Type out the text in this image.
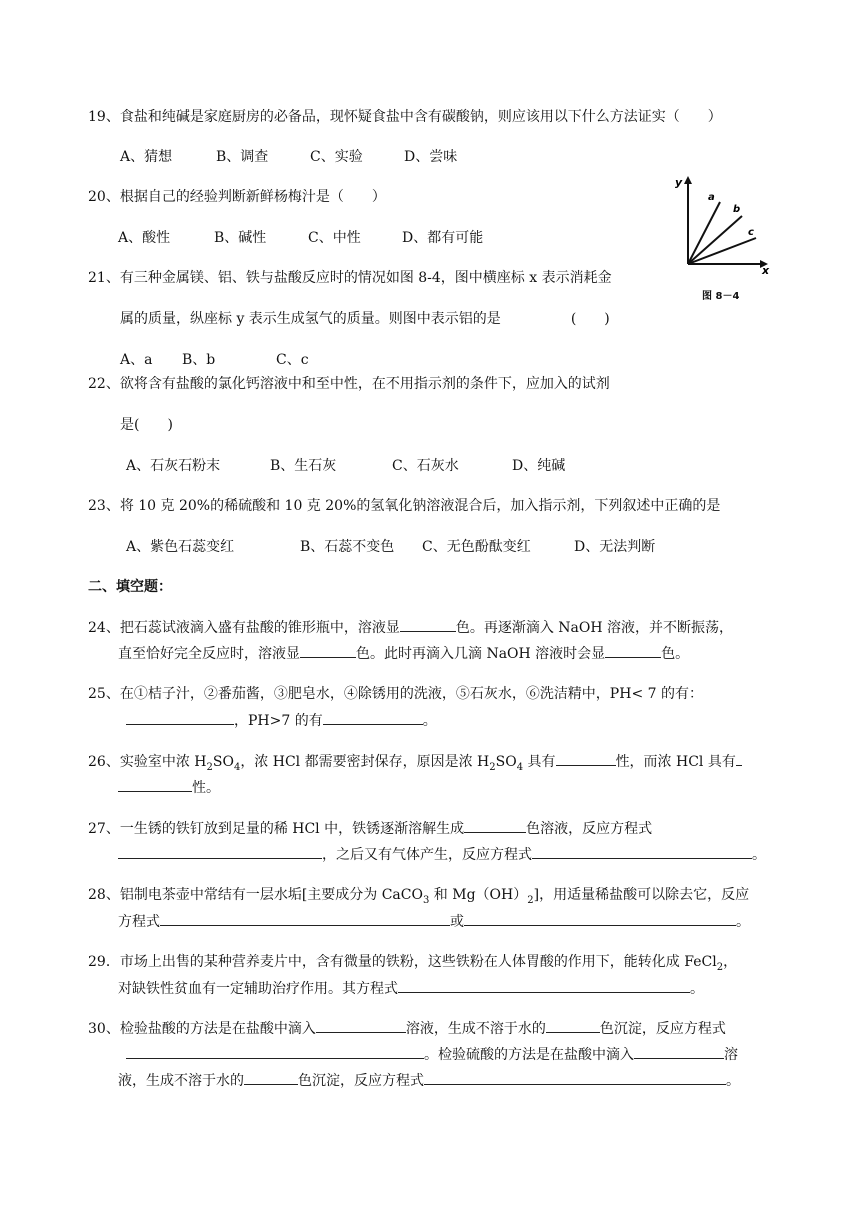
19、食盐和纯碱是家庭厨房的必备品，现怀疑食盐中含有碳酸钠，则应该用以下什么方法证实（　　）
A、猜想	B、调查	C、实验	D、尝味
20、根据自己的经验判断新鲜杨梅汁是（　　）
A、酸性	B、碱性	C、中性	D、都有可能
y
x
a
b
c
图 8－4
21、有三种金属镁、铝、铁与盐酸反应时的情况如图 8-4，图中横座标 x 表示消耗金
属的质量，纵座标 y 表示生成氢气的质量。则图中表示铝的是	(　　)
A、a B、b	C、c
22、欲将含有盐酸的氯化钙溶液中和至中性，在不用指示剂的条件下，应加入的试剂
是(　　)
A、石灰石粉末	B、生石灰	C、石灰水	D、纯碱
23、将 10 克 20%的稀硫酸和 10 克 20%的氢氧化钠溶液混合后，加入指示剂，下列叙述中正确的是
A、紫色石蕊变红	B、石蕊不变色 C、无色酚酞变红	D、无法判断
二、填空题：
24、把石蕊试液滴入盛有盐酸的锥形瓶中，溶液显	色。再逐渐滴入 NaOH 溶液，并不断振荡，
直至恰好完全反应时，溶液显	色。此时再滴入几滴 NaOH 溶液时会显	色。
25、在①桔子汁，②番茄酱，③肥皂水，④除锈用的洗液，⑤石灰水，⑥洗洁精中，PH< 7 的有：
，PH>7 的有	。
26、实验室中浓 $H_2SO_4$，浓 HCl 都需要密封保存，原因是浓 $H_2SO_4$ 具有	性，而浓 HCl 具有
性。
27、一生锈的铁钉放到足量的稀 HCl 中，铁锈逐渐溶解生成	色溶液，反应方程式
，之后又有气体产生，反应方程式	。
28、铝制电茶壶中常结有一层水垢[主要成分为 CaCO$_3$ 和 $Mg(OH)_2$]，用适量稀盐酸可以除去它，反应
方程式	或	。
29．市场上出售的某种营养麦片中，含有微量的铁粉，这些铁粉在人体胃酸的作用下，能转化成 FeCl$_2$，
对缺铁性贫血有一定辅助治疗作用。其方程式	。
30、检验盐酸的方法是在盐酸中滴入	溶液，生成不溶于水的	色沉淀，反应方程式
。检验硫酸的方法是在盐酸中滴入	溶
液，生成不溶于水的	色沉淀，反应方程式	。
